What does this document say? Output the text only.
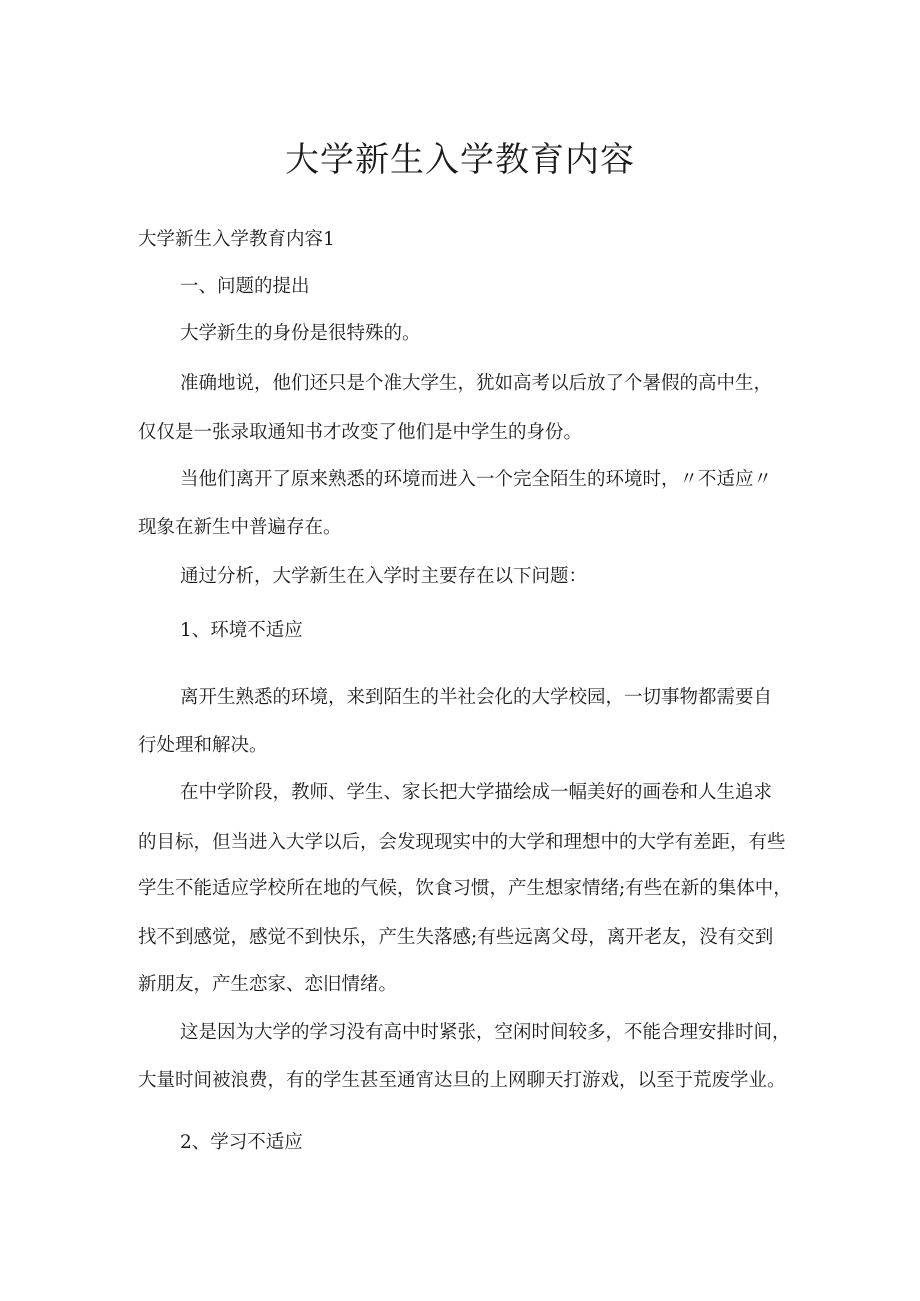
大学新生入学教育内容
大学新生入学教育内容1
一、问题的提出
大学新生的身份是很特殊的。
准确地说，他们还只是个准大学生，犹如高考以后放了个暑假的高中生，
仅仅是一张录取通知书才改变了他们是中学生的身份。
当他们离开了原来熟悉的环境而进入一个完全陌生的环境时，〃不适应〃
现象在新生中普遍存在。
通过分析，大学新生在入学时主要存在以下问题：
1、环境不适应
离开生熟悉的环境，来到陌生的半社会化的大学校园，一切事物都需要自
行处理和解决。
在中学阶段，教师、学生、家长把大学描绘成一幅美好的画卷和人生追求
的目标，但当进入大学以后，会发现现实中的大学和理想中的大学有差距，有些
学生不能适应学校所在地的气候，饮食习惯，产生想家情绪;有些在新的集体中，
找不到感觉，感觉不到快乐，产生失落感;有些远离父母，离开老友，没有交到
新朋友，产生恋家、恋旧情绪。
这是因为大学的学习没有高中时紧张，空闲时间较多，不能合理安排时间，
大量时间被浪费，有的学生甚至通宵达旦的上网聊天打游戏，以至于荒废学业。
2、学习不适应
